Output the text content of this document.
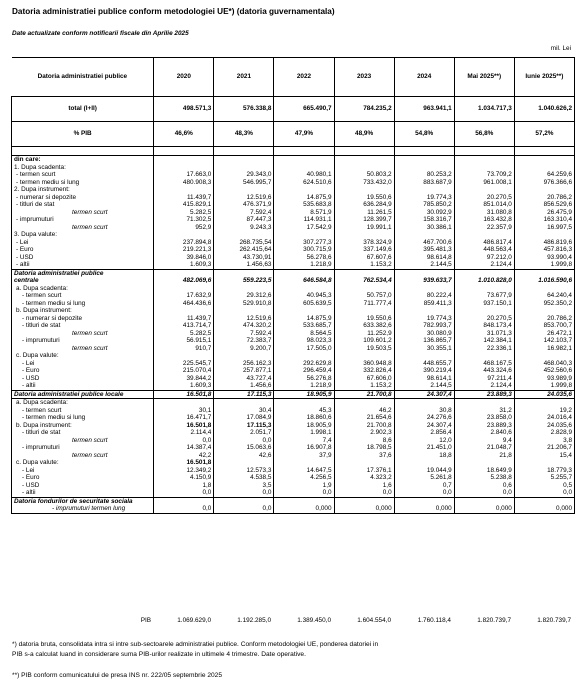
Datoria administratiei publice conform metodologiei UE*) (datoria guvernamentala)
Date actualizate conform notificarii fiscale din Aprilie 2025
mil. Lei
Datoria administratiei publice	2020	2021	2022	2023	2024	Mai 2025**)	Iunie 2025**)
total (I+II)	498.571,3	576.338,8	665.490,7	784.235,2	963.941,1	1.034.717,3	1.040.626,2
% PIB	46,6%	48,3%	47,9%	48,9%	54,8%	56,8%	57,2%

din care:							
1. Dupa scadenta:							
- termen scurt	17.663,0	29.343,0	40.980,1	50.803,2	80.253,2	73.709,2	64.259,6
- termen mediu si lung	480.908,3	546.995,7	624.510,6	733.432,0	883.687,9	961.008,1	976.366,6
2. Dupa instrument:							
- numerar si depozite	11.439,7	12.519,6	14.875,9	19.550,6	19.774,3	20.270,5	20.786,2
- titluri de stat	415.829,1	476.371,9	535.683,8	636.284,9	785.850,2	851.014,0	856.529,6
termen scurt	5.282,5	7.592,4	8.571,9	11.261,5	30.092,9	31.080,8	26.475,9
- imprumuturi	71.302,5	87.447,3	114.931,1	128.399,7	158.316,7	163.432,8	163.310,4
termen scurt	952,9	9.243,3	17.542,9	19.991,1	30.386,1	22.357,9	16.997,5
3. Dupa valute:							
- Lei	237.894,8	268.735,54	307.277,3	378.324,9	467.700,6	486.817,4	486.819,6
- Euro	219.221,3	262.415,64	300.715,9	337.149,6	395.481,3	448.563,4	457.816,3
- USD	39.846,0	43.730,91	56.278,6	67.607,6	98.614,8	97.212,0	93.990,4
- altii	1.609,3	1.456,63	1.218,9	1.153,2	2.144,5	2.124,4	1.999,8
Datoria administratiei publice							
centrale	482.069,6	559.223,5	646.584,8	762.534,4	939.633,7	1.010.828,0	1.016.590,6
a. Dupa scadenta:							
- termen scurt	17.632,9	29.312,6	40.945,3	50.757,0	80.222,4	73.677,9	64.240,4
- termen mediu si lung	464.436,6	529.910,8	605.639,5	711.777,4	859.411,3	937.150,1	952.350,2
b. Dupa instrument:							
- numerar si depozite	11.439,7	12.519,6	14.875,9	19.550,6	19.774,3	20.270,5	20.786,2
- titluri de stat	413.714,7	474.320,2	533.685,7	633.382,6	782.993,7	848.173,4	853.700,7
termen scurt	5.282,5	7.592,4	8.564,5	11.252,9	30.080,9	31.071,3	26.472,1
- imprumuturi	56.915,1	72.383,7	98.023,3	109.601,2	136.865,7	142.384,1	142.103,7
termen scurt	910,7	9.200,7	17.505,0	19.503,5	30.355,1	22.336,1	16.982,1
c. Dupa valute:							
- Lei	225.545,7	256.162,3	292.629,8	360.948,8	448.655,7	468.167,5	468.040,3
- Euro	215.070,4	257.877,1	296.459,4	332.826,4	390.219,4	443.324,6	452.560,6
- USD	39.844,2	43.727,4	56.276,8	67.606,0	98.614,1	97.211,4	93.989,9
- altii	1.609,3	1.456,6	1.218,9	1.153,2	2.144,5	2.124,4	1.999,8
Datoria administratiei publice locale	16.501,8	17.115,3	18.905,9	21.700,8	24.307,4	23.889,3	24.035,6
a. Dupa scadenta:							
- termen scurt	30,1	30,4	45,3	46,2	30,8	31,2	19,2
- termen mediu si lung	16.471,7	17.084,9	18.860,6	21.654,6	24.276,6	23.858,0	24.016,4
b. Dupa instrument:	16.501,8	17.115,3	18.905,9	21.700,8	24.307,4	23.889,3	24.035,6
- titluri de stat	2.114,4	2.051,7	1.998,1	2.902,3	2.856,4	2.840,6	2.828,9
termen scurt	0,0	0,0	7,4	8,6	12,0	9,4	3,8
- imprumuturi	14.387,4	15.063,6	16.907,8	18.798,5	21.451,0	21.048,7	21.206,7
termen scurt	42,2	42,6	37,9	37,6	18,8	21,8	15,4
c. Dupa valute:	16.501,8						
- Lei	12.349,2	12.573,3	14.647,5	17.376,1	19.044,9	18.649,9	18.779,3
- Euro	4.150,9	4.538,5	4.256,5	4.323,2	5.261,8	5.238,8	5.255,7
- USD	1,8	3,5	1,9	1,6	0,7	0,6	0,5
- altii	0,0	0,0	0,0	0,0	0,0	0,0	0,0
Datoria fondurilor de securitate sociala							
- imprumuturi termen lung	0,0	0,0	0,000	0,000	0,000	0,000	0,000
PIB	1.069.629,0	1.192.285,0	1.389.450,0	1.604.554,0	1.760.118,4	1.820.739,7	1.820.739,7

*) datoria bruta, consolidata intra si intre sub-sectoarele administratiei publice. Conform metodologiei UE, ponderea datoriei in

PIB s-a calculat luand in considerare suma PIB-urilor realizate in ultimele 4 trimestre. Date operative.

**) PIB conform comunicatului de presa INS nr. 222/05 septembrie 2025
